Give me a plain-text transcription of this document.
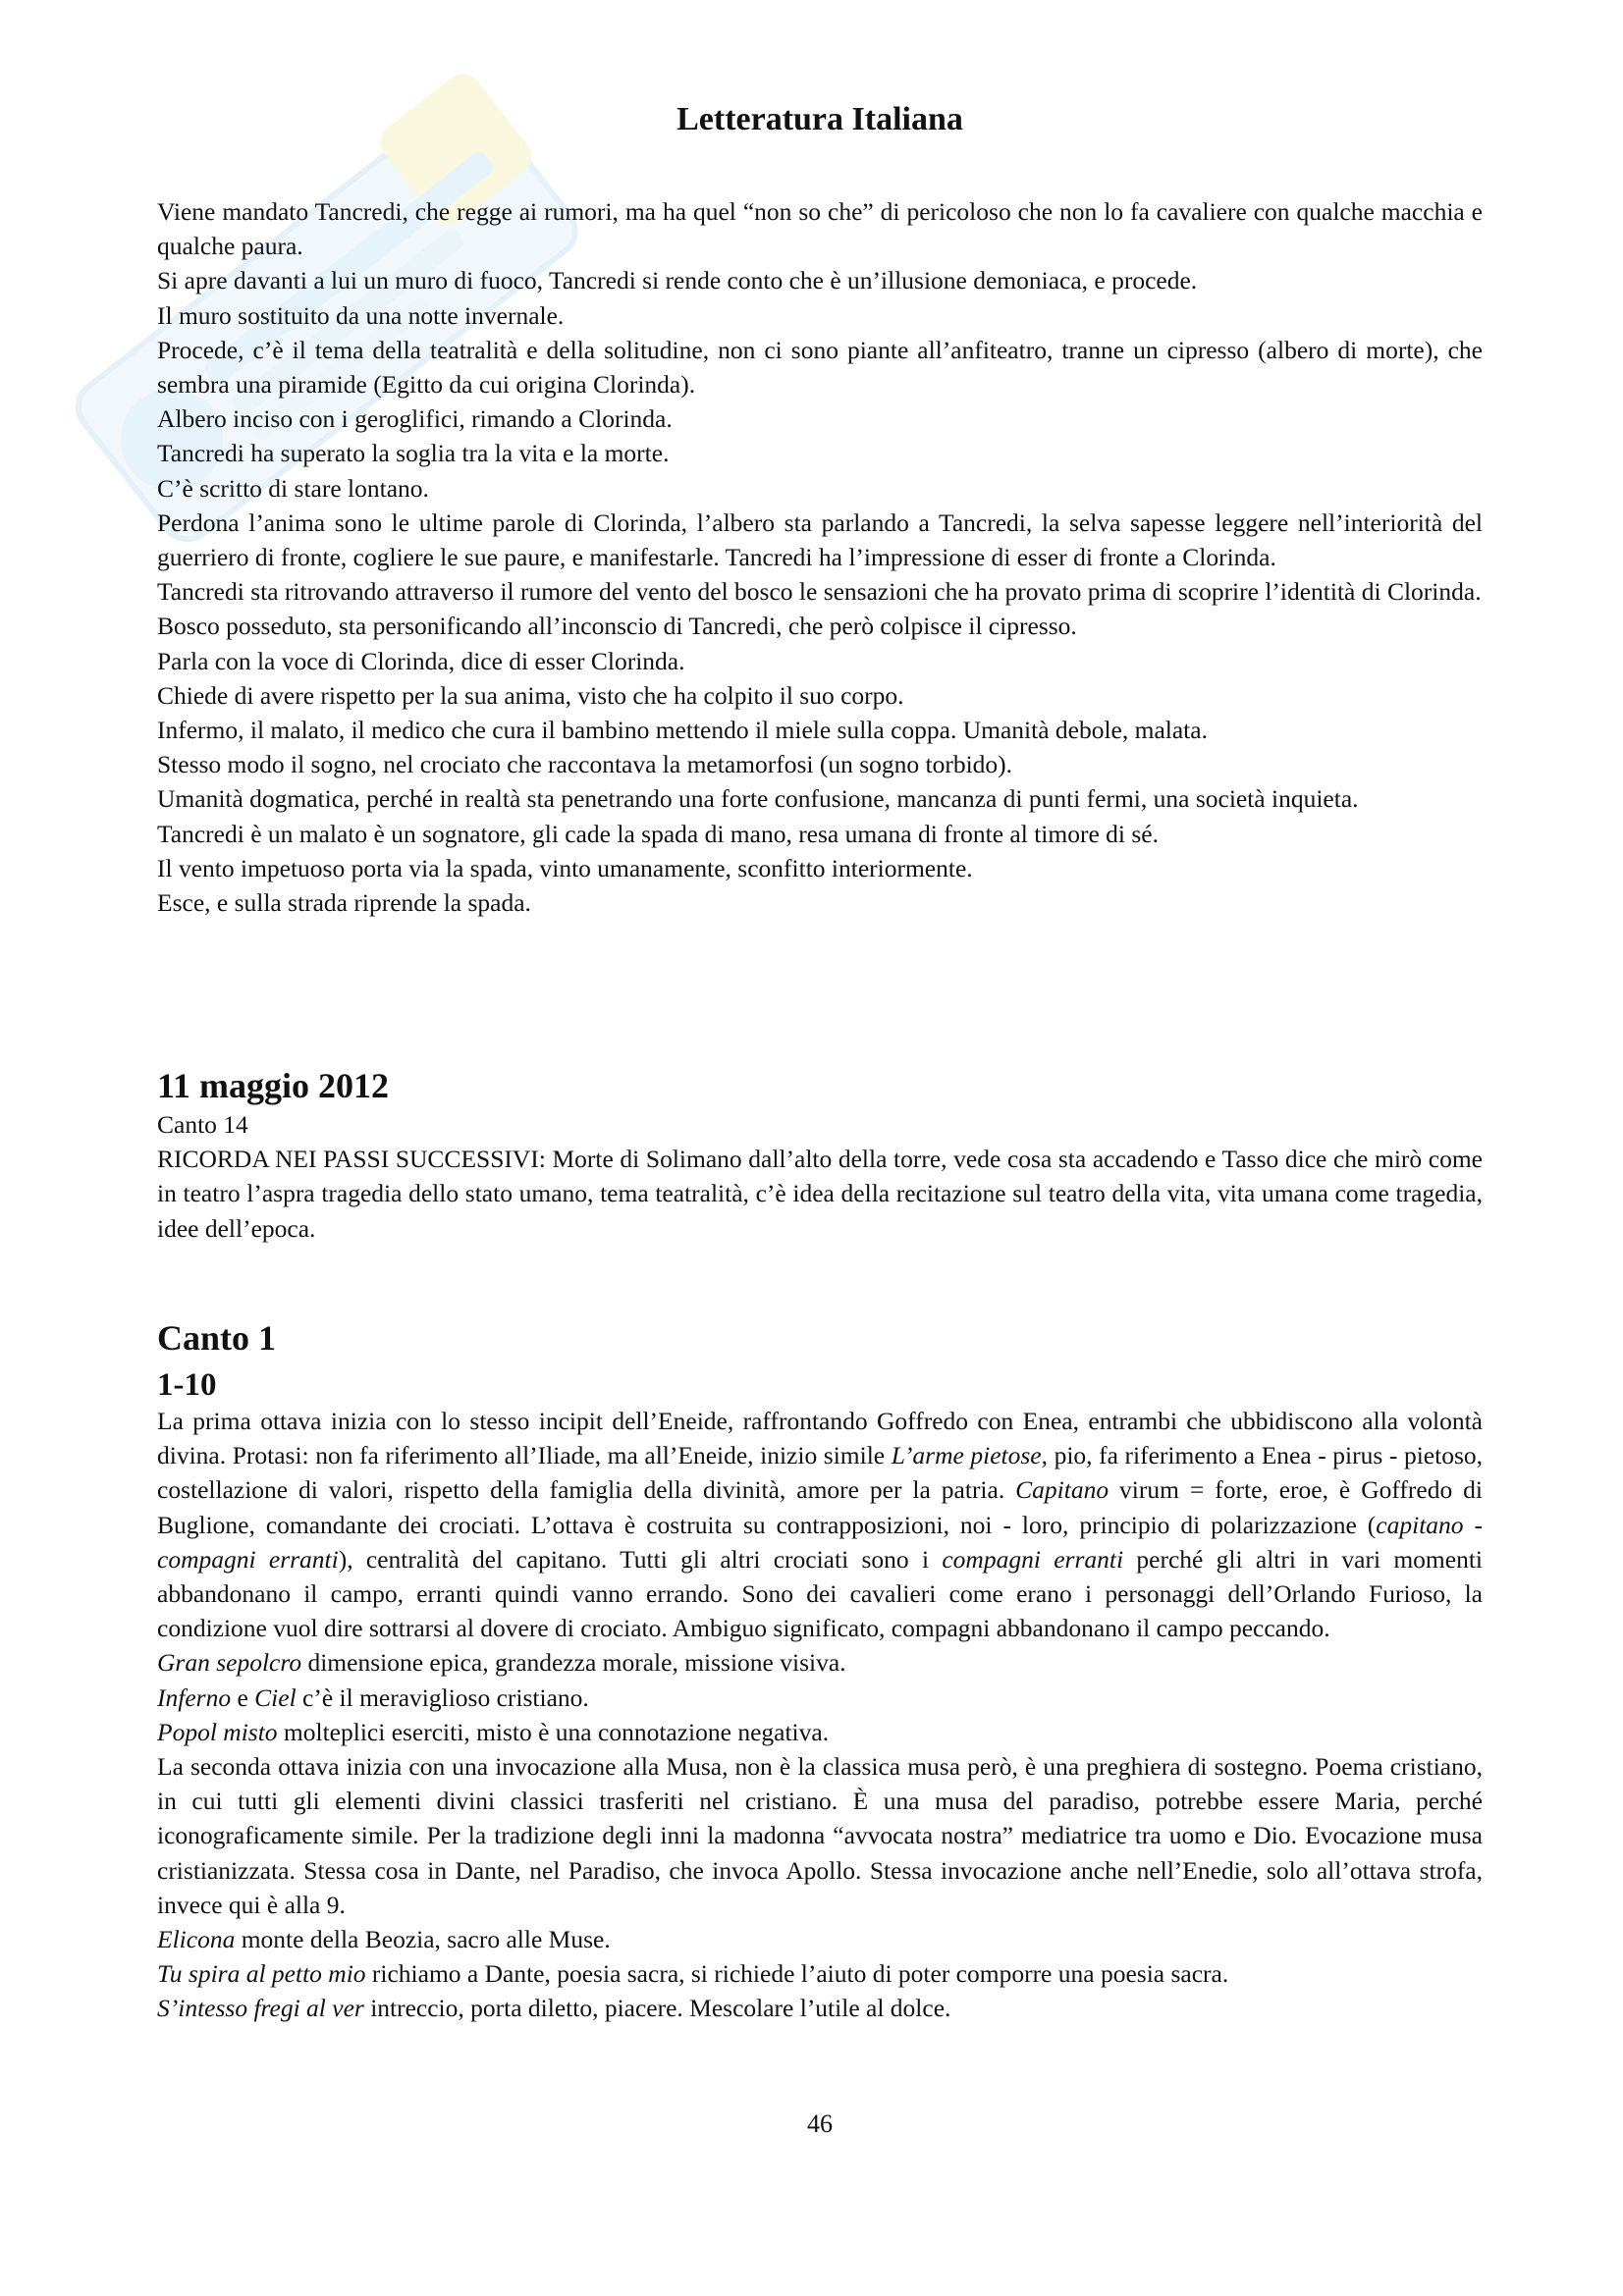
Letteratura Italiana

Viene mandato Tancredi, che regge ai rumori, ma ha quel “non so che” di pericoloso che non lo fa cavaliere con qualche macchia e qualche paura.

Si apre davanti a lui un muro di fuoco, Tancredi si rende conto che è un’illusione demoniaca, e procede.

Il muro sostituito da una notte invernale.

Procede, c’è il tema della teatralità e della solitudine, non ci sono piante all’anfiteatro, tranne un cipresso (albero di morte), che sembra una piramide (Egitto da cui origina Clorinda).

Albero inciso con i geroglifici, rimando a Clorinda.

Tancredi ha superato la soglia tra la vita e la morte.

C’è scritto di stare lontano.

Perdona l’anima sono le ultime parole di Clorinda, l’albero sta parlando a Tancredi, la selva sapesse leggere nell’interiorità del guerriero di fronte, cogliere le sue paure, e manifestarle. Tancredi ha l’impressione di esser di fronte a Clorinda.

Tancredi sta ritrovando attraverso il rumore del vento del bosco le sensazioni che ha provato prima di scoprire l’identità di Clorinda.

Bosco posseduto, sta personificando all’inconscio di Tancredi, che però colpisce il cipresso.

Parla con la voce di Clorinda, dice di esser Clorinda.

Chiede di avere rispetto per la sua anima, visto che ha colpito il suo corpo.

Infermo, il malato, il medico che cura il bambino mettendo il miele sulla coppa. Umanità debole, malata.

Stesso modo il sogno, nel crociato che raccontava la metamorfosi (un sogno torbido).

Umanità dogmatica, perché in realtà sta penetrando una forte confusione, mancanza di punti fermi, una società inquieta.

Tancredi è un malato è un sognatore, gli cade la spada di mano, resa umana di fronte al timore di sé.

Il vento impetuoso porta via la spada, vinto umanamente, sconfitto interiormente.

Esce, e sulla strada riprende la spada.

11 maggio 2012

Canto 14

RICORDA NEI PASSI SUCCESSIVI: Morte di Solimano dall’alto della torre, vede cosa sta accadendo e Tasso dice che mirò come in teatro l’aspra tragedia dello stato umano, tema teatralità, c’è idea della recitazione sul teatro della vita, vita umana come tragedia, idee dell’epoca.

Canto 1
1-10

La prima ottava inizia con lo stesso incipit dell’Eneide, raffrontando Goffredo con Enea, entrambi che ubbidiscono alla volontà divina. Protasi: non fa riferimento all’Iliade, ma all’Eneide, inizio simile L’arme pietose, pio, fa riferimento a Enea - pirus - pietoso, costellazione di valori, rispetto della famiglia della divinità, amore per la patria. Capitano virum = forte, eroe, è Goffredo di Buglione, comandante dei crociati. L’ottava è costruita su contrapposizioni, noi - loro, principio di polarizzazione (capitano - compagni erranti), centralità del capitano. Tutti gli altri crociati sono i compagni erranti perché gli altri in vari momenti abbandonano il campo, erranti quindi vanno errando. Sono dei cavalieri come erano i personaggi dell’Orlando Furioso, la condizione vuol dire sottrarsi al dovere di crociato. Ambiguo significato, compagni abbandonano il campo peccando.

Gran sepolcro dimensione epica, grandezza morale, missione visiva.

Inferno e Ciel c’è il meraviglioso cristiano.

Popol misto molteplici eserciti, misto è una connotazione negativa.

La seconda ottava inizia con una invocazione alla Musa, non è la classica musa però, è una preghiera di sostegno. Poema cristiano, in cui tutti gli elementi divini classici trasferiti nel cristiano. È una musa del paradiso, potrebbe essere Maria, perché iconograficamente simile. Per la tradizione degli inni la madonna “avvocata nostra” mediatrice tra uomo e Dio. Evocazione musa cristianizzata. Stessa cosa in Dante, nel Paradiso, che invoca Apollo. Stessa invocazione anche nell’Enedie, solo all’ottava strofa, invece qui è alla 9.

Elicona monte della Beozia, sacro alle Muse.

Tu spira al petto mio richiamo a Dante, poesia sacra, si richiede l’aiuto di poter comporre una poesia sacra.

S’intesso fregi al ver intreccio, porta diletto, piacere. Mescolare l’utile al dolce.

46
